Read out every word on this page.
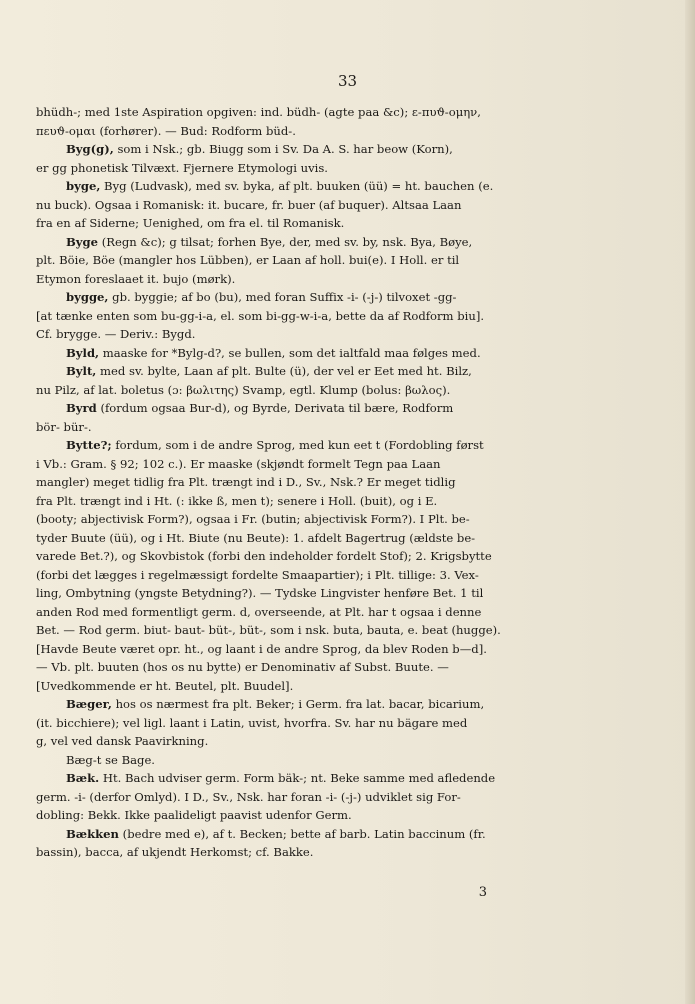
33
bhüdh-; med 1ste Aspiration opgiven: ind. büdh- (agte paa &c); ε-πυϑ-ομην,
πευϑ-ομαι (forhører). — Bud: Rodform büd-.
Byg(g), som i Nsk.; gb. Biugg som i Sv. Da A. S. har beow (Korn),
er gg phonetisk Tilvæxt. Fjernere Etymologi uvis.
byge, Byg (Ludvask), med sv. byka, af plt. buuken (üü) = ht. bauchen (e.
nu buck). Ogsaa i Romanisk: it. bucare, fr. buer (af buquer). Altsaa Laan
fra en af Siderne; Uenighed, om fra el. til Romanisk.
Byge (Regn &c); g tilsat; forhen Bye, der, med sv. by, nsk. Bya, Bøye,
plt. Böie, Böe (mangler hos Lübben), er Laan af holl. bui(e). I Holl. er til
Etymon foreslaaet it. bujo (mørk).
bygge, gb. byggie; af bo (bu), med foran Suffix -i- (-j-) tilvoxet -gg-
[at tænke enten som bu-gg-i-a, el. som bi-gg-w-i-a, bette da af Rodform biu].
Cf. brygge. — Deriv.: Bygd.
Byld, maaske for *Bylg-d?, se bullen, som det ialtfald maa følges med.
Bylt, med sv. bylte, Laan af plt. Bulte (ü), der vel er Eet med ht. Bilz,
nu Pilz, af lat. boletus (ɔ: βωλιτης) Svamp, egtl. Klump (bolus: βωλος).
Byrd (fordum ogsaa Bur-d), og Byrde, Derivata til bære, Rodform
bör- bür-.
Bytte?; fordum, som i de andre Sprog, med kun eet t (Fordobling først
i Vb.: Gram. § 92; 102 c.). Er maaske (skjøndt formelt Tegn paa Laan
mangler) meget tidlig fra Plt. trængt ind i D., Sv., Nsk.? Er meget tidlig
fra Plt. trængt ind i Ht. (: ikke ß, men t); senere i Holl. (buit), og i E.
(booty; abjectivisk Form?), ogsaa i Fr. (butin; abjectivisk Form?). I Plt. be-
tyder Buute (üü), og i Ht. Biute (nu Beute): 1. afdelt Bagertrug (ældste be-
varede Bet.?), og Skovbistok (forbi den indeholder fordelt Stof); 2. Krigsbytte
(forbi det lægges i regelmæssigt fordelte Smaapartier); i Plt. tillige: 3. Vex-
ling, Ombytning (yngste Betydning?). — Tydske Lingvister henføre Bet. 1 til
anden Rod med formentligt germ. d, overseende, at Plt. har t ogsaa i denne
Bet. — Rod germ. biut- baut- büt-, büt-, som i nsk. buta, bauta, e. beat (hugge).
[Havde Beute været opr. ht., og laant i de andre Sprog, da blev Roden b—d].
— Vb. plt. buuten (hos os nu bytte) er Denominativ af Subst. Buute. —
[Uvedkommende er ht. Beutel, plt. Buudel].
Bæger, hos os nærmest fra plt. Beker; i Germ. fra lat. bacar, bicarium,
(it. bicchiere); vel ligl. laant i Latin, uvist, hvorfra. Sv. har nu bägare med
g, vel ved dansk Paavirkning.
Bæg-t se Bage.
Bæk. Ht. Bach udviser germ. Form bäk-; nt. Beke samme med afledende
germ. -i- (derfor Omlyd). I D., Sv., Nsk. har foran -i- (-j-) udviklet sig For-
dobling: Bekk. Ikke paalideligt paavist udenfor Germ.
Bækken (bedre med e), af t. Becken; bette af barb. Latin baccinum (fr.
bassin), bacca, af ukjendt Herkomst; cf. Bakke.
3
